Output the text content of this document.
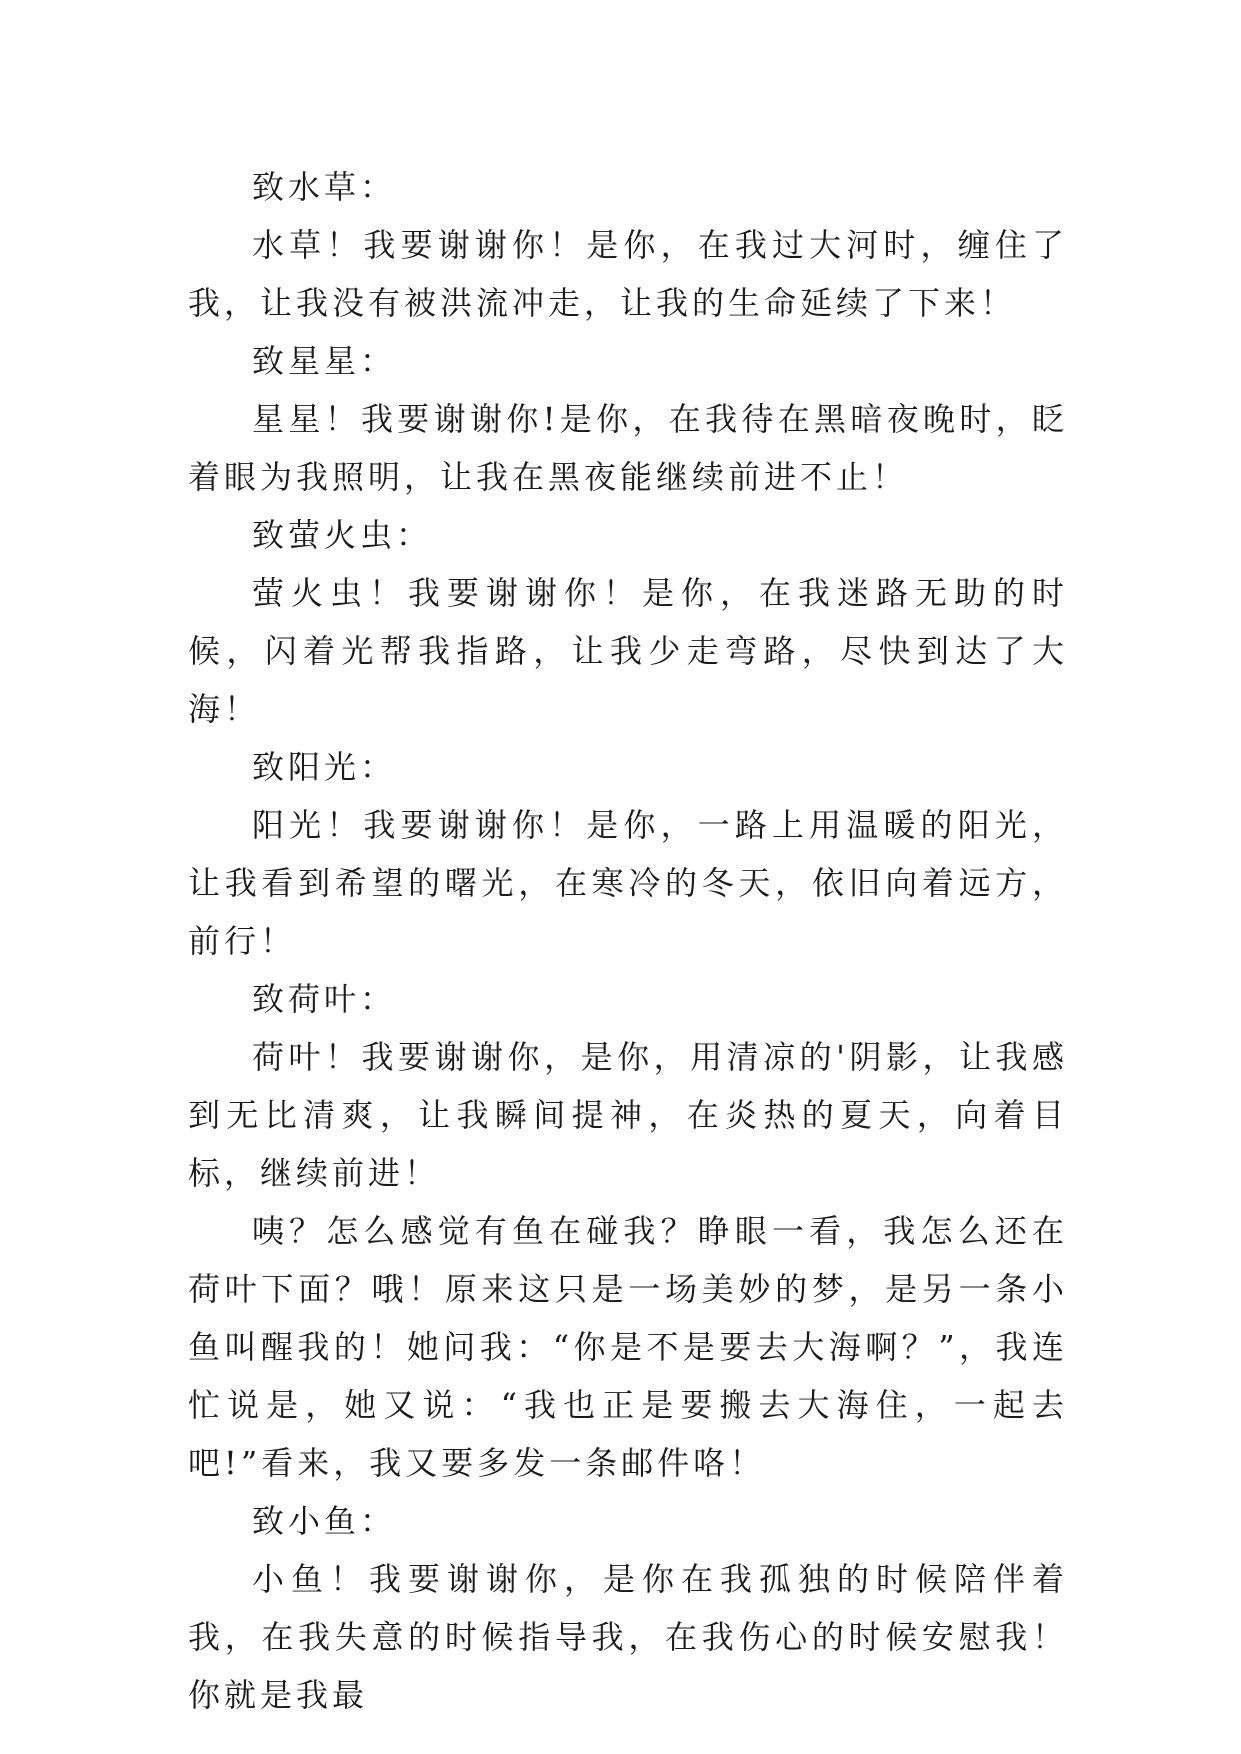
致水草：

水草！我要谢谢你！是你，在我过大河时，缠住了我，让我没有被洪流冲走，让我的生命延续了下来！

致星星：

星星！我要谢谢你!是你，在我待在黑暗夜晚时，眨着眼为我照明，让我在黑夜能继续前进不止！

致萤火虫：

萤火虫！我要谢谢你！是你，在我迷路无助的时候，闪着光帮我指路，让我少走弯路，尽快到达了大海！

致阳光：

阳光！我要谢谢你！是你，一路上用温暖的阳光，让我看到希望的曙光，在寒冷的冬天，依旧向着远方，前行！

致荷叶：

荷叶！我要谢谢你，是你，用清凉的'阴影，让我感到无比清爽，让我瞬间提神，在炎热的夏天，向着目标，继续前进！

咦？怎么感觉有鱼在碰我？睁眼一看，我怎么还在荷叶下面？哦！原来这只是一场美妙的梦，是另一条小鱼叫醒我的！她问我：“你是不是要去大海啊？”，我连忙说是，她又说：“我也正是要搬去大海住，一起去吧!”看来，我又要多发一条邮件咯！

致小鱼：

小鱼！我要谢谢你，是你在我孤独的时候陪伴着我，在我失意的时候指导我，在我伤心的时候安慰我！你就是我最
